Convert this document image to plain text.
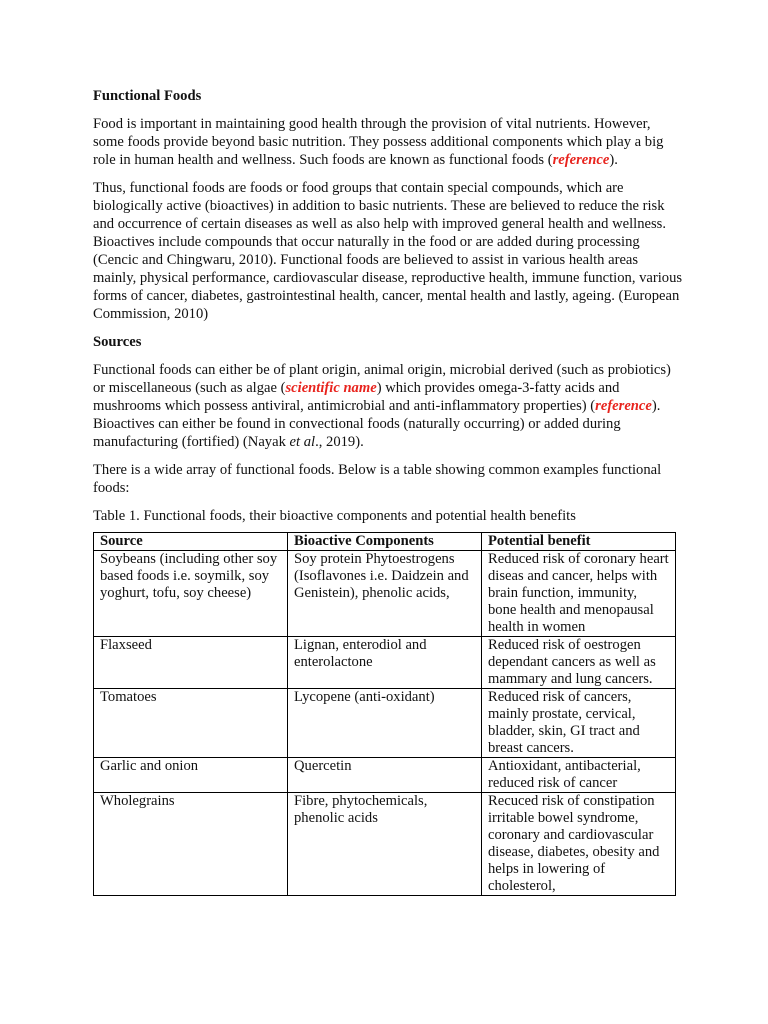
Functional Foods

Food is important in maintaining good health through the provision of vital nutrients. However, some foods provide beyond basic nutrition. They possess additional components which play a big role in human health and wellness. Such foods are known as functional foods (reference).

Thus, functional foods are foods or food groups that contain special compounds, which are biologically active (bioactives) in addition to basic nutrients. These are believed to reduce the risk and occurrence of certain diseases as well as also help with improved general health and wellness. Bioactives include compounds that occur naturally in the food or are added during processing (Cencic and Chingwaru, 2010). Functional foods are believed to assist in various health areas mainly, physical performance, cardiovascular disease, reproductive health, immune function, various forms of cancer, diabetes, gastrointestinal health, cancer, mental health and lastly, ageing. (European Commission, 2010)

Sources

Functional foods can either be of plant origin, animal origin, microbial derived (such as probiotics) or miscellaneous (such as algae (scientific name) which provides omega-3-fatty acids and mushrooms which possess antiviral, antimicrobial and anti-inflammatory properties) (reference). Bioactives can either be found in convectional foods (naturally occurring) or added during manufacturing (fortified) (Nayak et al., 2019).

There is a wide array of functional foods. Below is a table showing common examples functional foods:

Table 1. Functional foods, their bioactive components and potential health benefits

Source	Bioactive Components	Potential benefit
Soybeans (including other soy based foods i.e. soymilk, soy yoghurt, tofu, soy cheese)	Soy protein Phytoestrogens (Isoflavones i.e. Daidzein and Genistein), phenolic acids,	Reduced risk of coronary heart diseas and cancer, helps with brain function, immunity, bone health and menopausal health in women
Flaxseed	Lignan, enterodiol and enterolactone	Reduced risk of oestrogen dependant cancers as well as mammary and lung cancers.
Tomatoes	Lycopene (anti-oxidant)	Reduced risk of cancers, mainly prostate, cervical, bladder, skin, GI tract and breast cancers.
Garlic and onion	Quercetin	Antioxidant, antibacterial, reduced risk of cancer
Wholegrains	Fibre, phytochemicals, phenolic acids	Recuced risk of constipation irritable bowel syndrome, coronary and cardiovascular disease, diabetes, obesity and helps in lowering of cholesterol,
